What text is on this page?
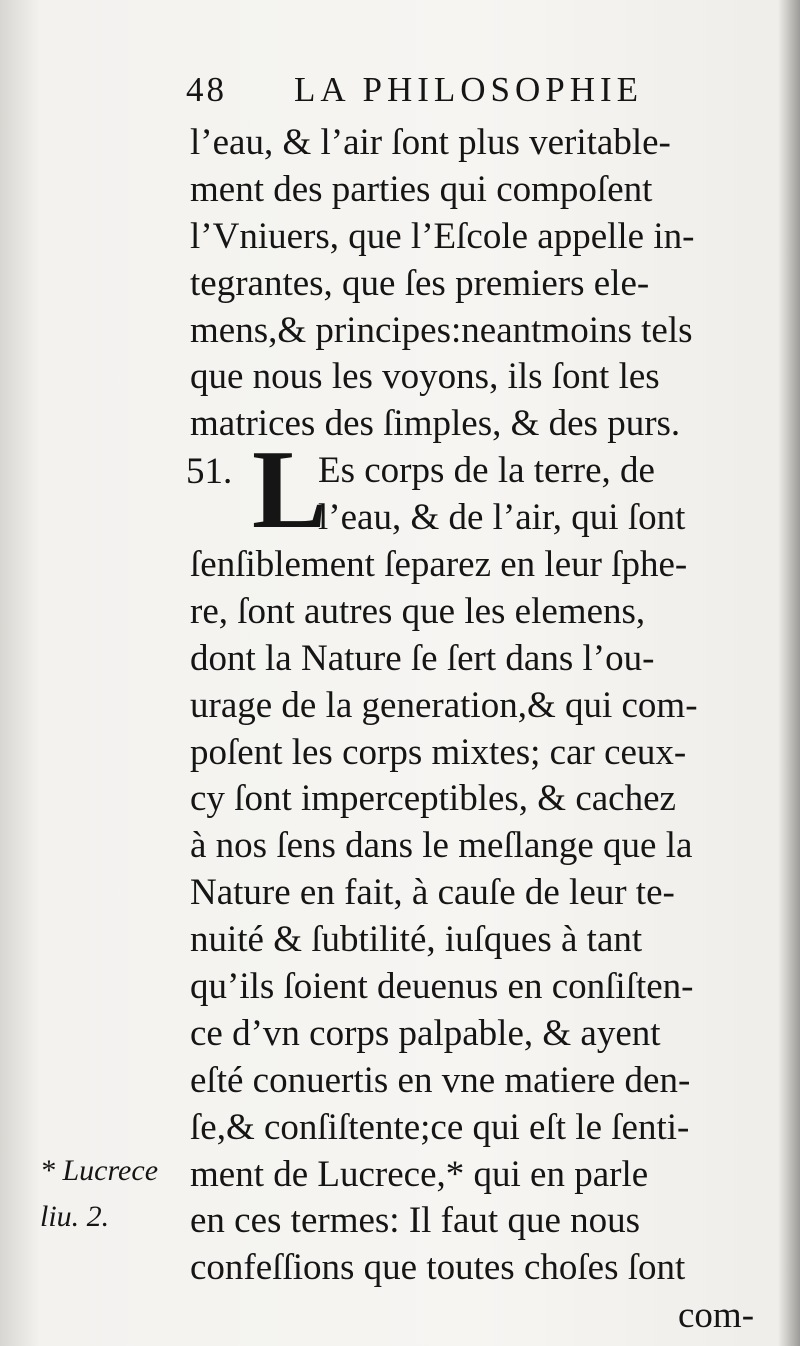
48 LA PHILOSOPHIE
l’eau, & l’air ſont plus veritable-
ment des parties qui compoſent
l’Vniuers, que l’Eſcole appelle in-
tegrantes, que ſes premiers ele-
mens,& principes:neantmoins tels
que nous les voyons, ils ſont les
matrices des ſimples, & des purs.
Es corps de la terre, de
l’eau, & de l’air, qui ſont
ſenſiblement ſeparez en leur ſphe-
re, ſont autres que les elemens,
dont la Nature ſe ſert dans l’ou-
urage de la generation,& qui com-
poſent les corps mixtes; car ceux-
cy ſont imperceptibles, & cachez
à nos ſens dans le meſlange que la
Nature en fait, à cauſe de leur te-
nuité & ſubtilité, iuſques à tant
qu’ils ſoient deuenus en conſiſten-
ce d’vn corps palpable, & ayent
eſté conuertis en vne matiere den-
ſe,& conſiſtente;ce qui eſt le ſenti-
ment de Lucrece,* qui en parle
en ces termes: Il faut que nous
confeſſions que toutes choſes ſont
51. L
* Lucrece
liu. 2.
com-
